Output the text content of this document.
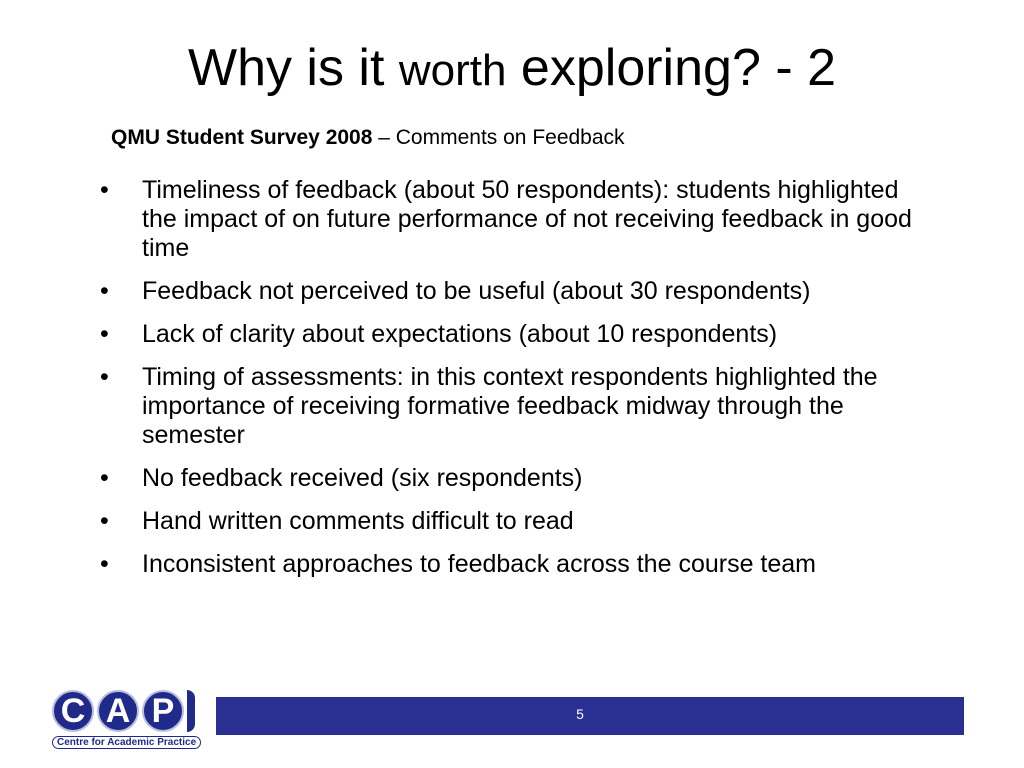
Why is it worth exploring? - 2
QMU Student Survey 2008 – Comments on Feedback
• Timeliness of feedback (about 50 respondents): students highlighted the impact of on future performance of not receiving feedback in good time
• Feedback not perceived to be useful (about 30 respondents)
• Lack of clarity about expectations (about 10 respondents)
• Timing of assessments: in this context respondents highlighted the importance of receiving formative feedback midway through the semester
• No feedback received (six respondents)
• Hand written comments difficult to read
• Inconsistent approaches to feedback across the course team
C A P
Centre for Academic Practice
5
